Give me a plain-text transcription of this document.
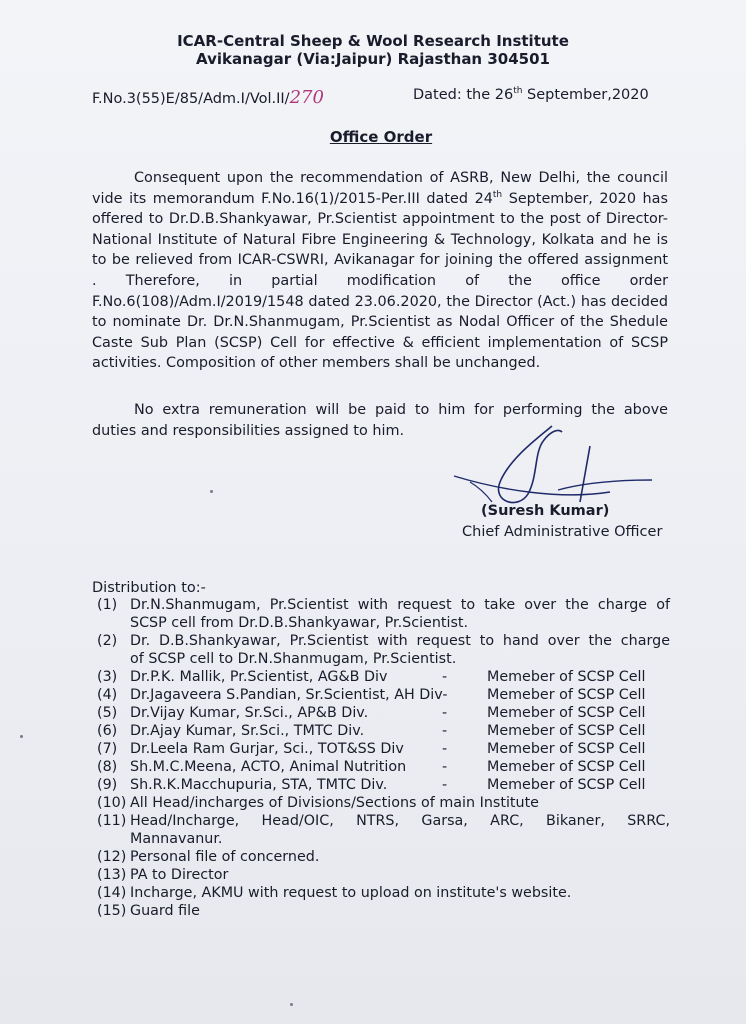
ICAR-Central Sheep & Wool Research Institute
Avikanagar (Via:Jaipur) Rajasthan 304501
F.No.3(55)E/85/Adm.I/Vol.II/270	Dated: the 26th September,2020
Office Order
Consequent upon the recommendation of ASRB, New Delhi, the council vide its memorandum F.No.16(1)/2015-Per.III dated 24th September, 2020 has offered to Dr.D.B.Shankyawar, Pr.Scientist appointment to the post of Director-National Institute of Natural Fibre Engineering & Technology, Kolkata and he is to be relieved from ICAR-CSWRI, Avikanagar for joining the offered assignment . Therefore, in partial modification of the office order F.No.6(108)/Adm.I/2019/1548 dated 23.06.2020, the Director (Act.) has decided to nominate Dr. Dr.N.Shanmugam, Pr.Scientist as Nodal Officer of the Shedule Caste Sub Plan (SCSP) Cell for effective & efficient implementation of SCSP activities. Composition of other members shall be unchanged.
No extra remuneration will be paid to him for performing the above duties and responsibilities assigned to him.
(Suresh Kumar)
Chief Administrative Officer
Distribution to:-
(1) Dr.N.Shanmugam, Pr.Scientist with request to take over the charge of
SCSP cell from Dr.D.B.Shankyawar, Pr.Scientist.
(2) Dr. D.B.Shankyawar, Pr.Scientist with request to hand over the charge
of SCSP cell to Dr.N.Shanmugam, Pr.Scientist.
(3) Dr.P.K. Mallik, Pr.Scientist, AG&B Div	-	Memeber of SCSP Cell
(4) Dr.Jagaveera S.Pandian, Sr.Scientist, AH Div-	Memeber of SCSP Cell
(5) Dr.Vijay Kumar, Sr.Sci., AP&B Div.	-	Memeber of SCSP Cell
(6) Dr.Ajay Kumar, Sr.Sci., TMTC Div.	-	Memeber of SCSP Cell
(7) Dr.Leela Ram Gurjar, Sci., TOT&SS Div	-	Memeber of SCSP Cell
(8) Sh.M.C.Meena, ACTO, Animal Nutrition	-	Memeber of SCSP Cell
(9) Sh.R.K.Macchupuria, STA, TMTC Div.	-	Memeber of SCSP Cell
(10) All Head/incharges of Divisions/Sections of main Institute
(11) Head/Incharge, Head/OIC, NTRS, Garsa, ARC, Bikaner, SRRC,
Mannavanur.
(12) Personal file of concerned.
(13) PA to Director
(14) Incharge, AKMU with request to upload on institute's website.
(15) Guard file
